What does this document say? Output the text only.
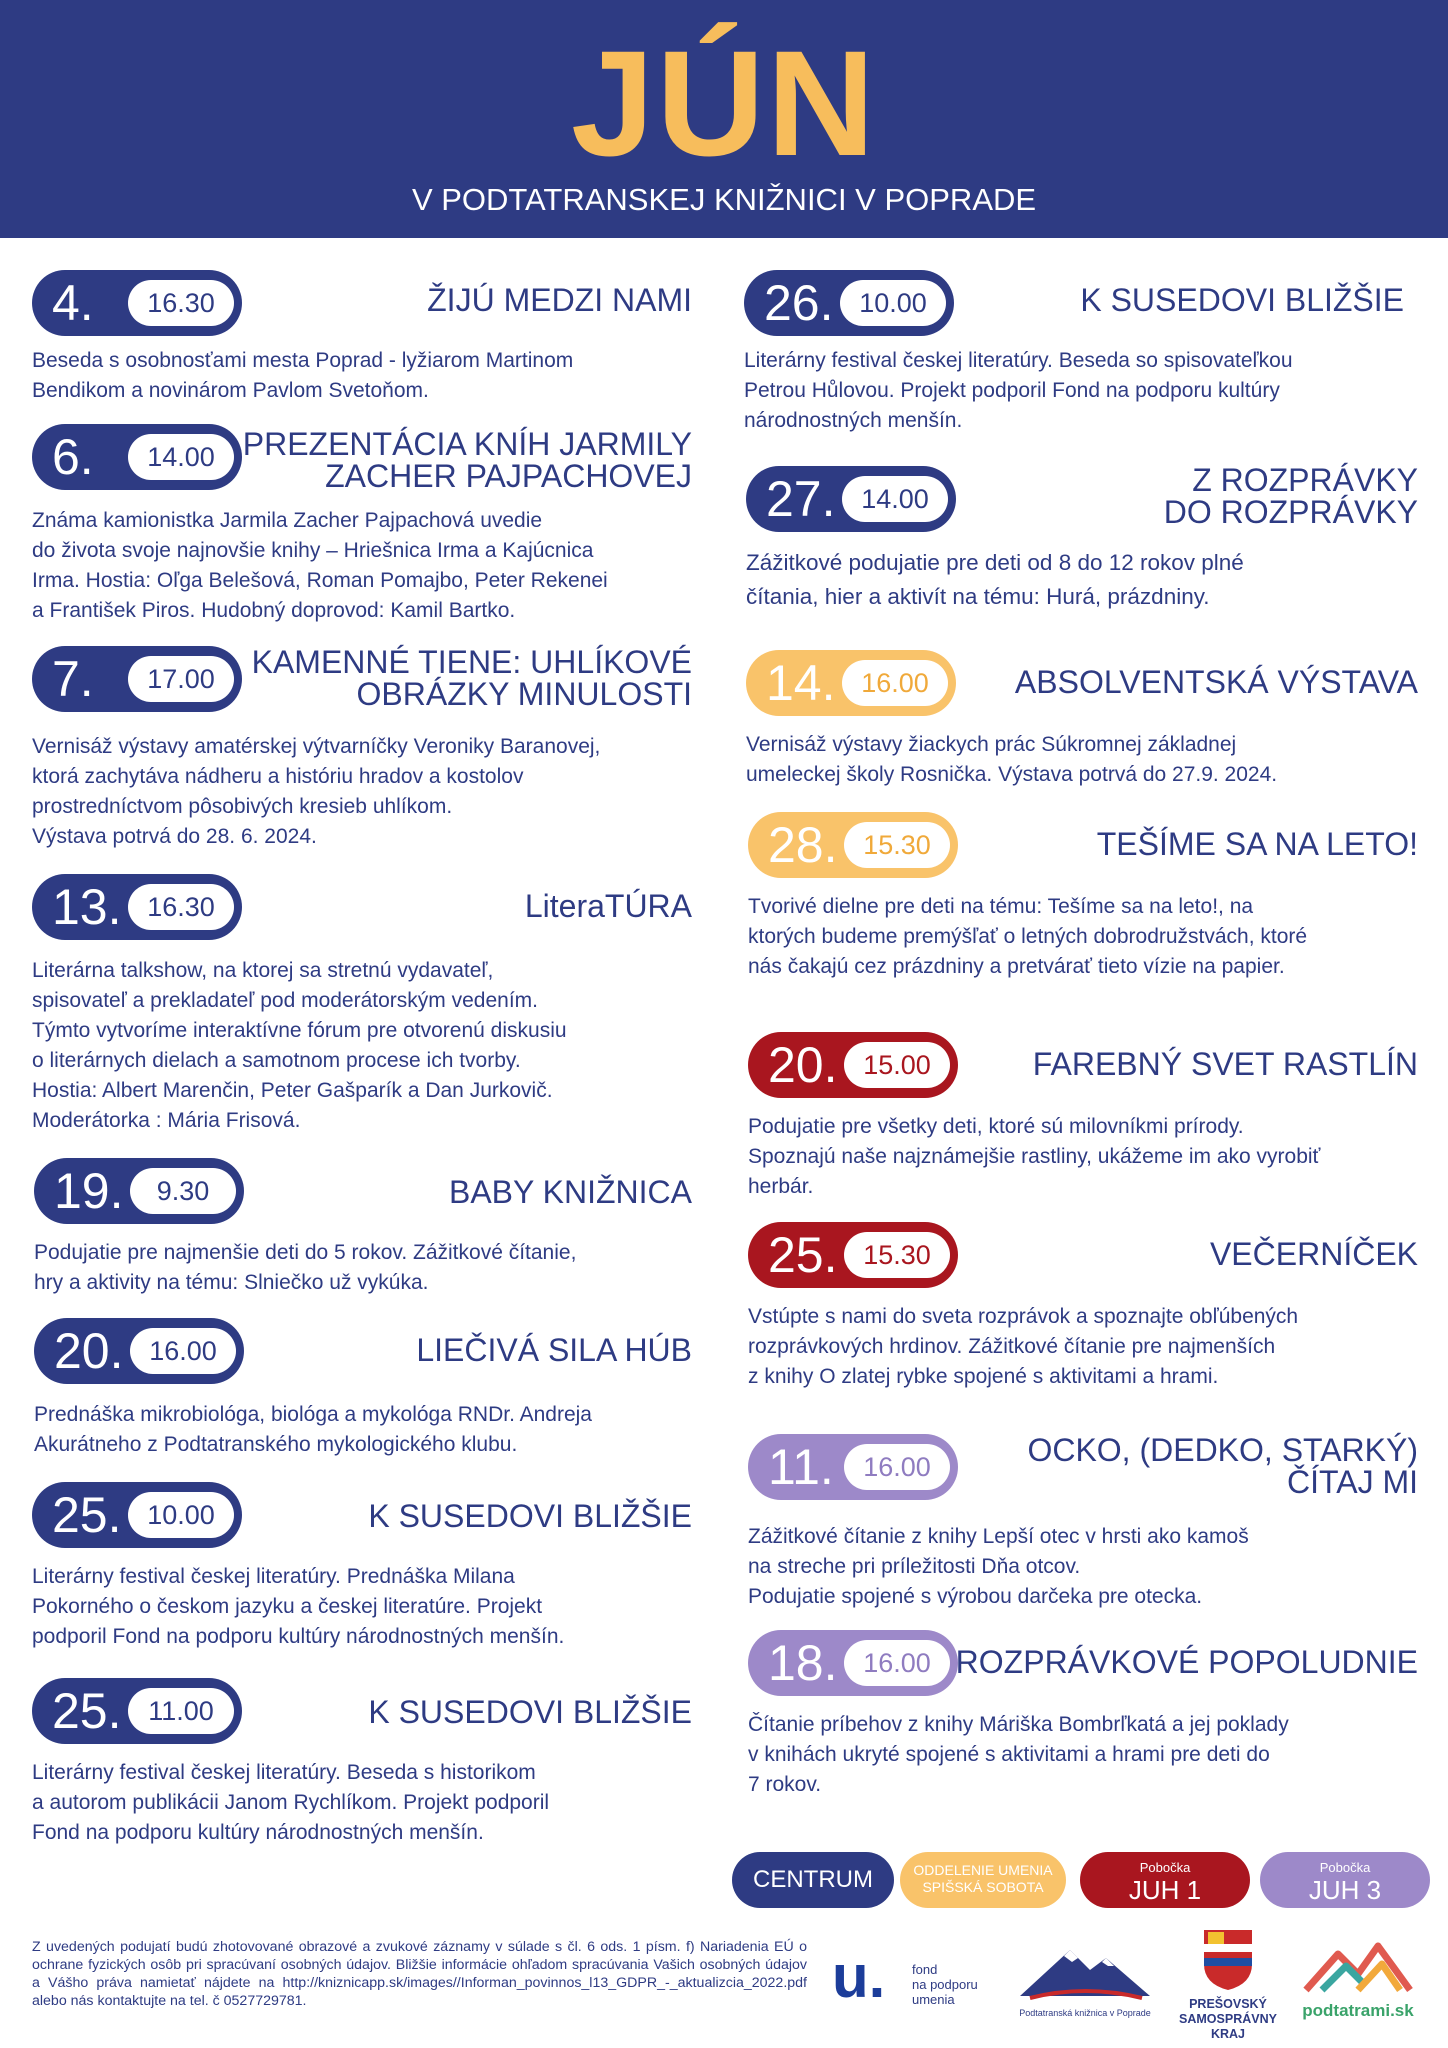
JÚN
V PODTATRANSKEJ KNIŽNICI V POPRADE
4.	16.30	ŽIJÚ MEDZI NAMI
Beseda s osobnosťami mesta Poprad - lyžiarom Martinom
Bendikom a novinárom Pavlom Svetoňom.
6.	14.00 PREZENTÁCIA KNÍH JARMILY
ZACHER PAJPACHOVEJ
Známa kamionistka Jarmila Zacher Pajpachová uvedie
do života svoje najnovšie knihy – Hriešnica Irma a Kajúcnica
Irma. Hostia: Oľga Belešová, Roman Pomajbo, Peter Rekenei
a František Piros. Hudobný doprovod: Kamil Bartko.
7.	17.00	KAMENNÉ TIENE: UHLÍKOVÉ
OBRÁZKY MINULOSTI
Vernisáž výstavy amatérskej výtvarníčky Veroniky Baranovej,
ktorá zachytáva nádheru a históriu hradov a kostolov
prostredníctvom pôsobivých kresieb uhlíkom.
Výstava potrvá do 28. 6. 2024.
13. 16.30	LiteraTÚRA
Literárna talkshow, na ktorej sa stretnú vydavateľ,
spisovateľ a prekladateľ pod moderátorským vedením.
Týmto vytvoríme interaktívne fórum pre otvorenú diskusiu
o literárnych dielach a samotnom procese ich tvorby.
Hostia: Albert Marenčin, Peter Gašparík a Dan Jurkovič.
Moderátorka : Mária Frisová.
19.	9.30	BABY KNIŽNICA
Podujatie pre najmenšie deti do 5 rokov. Zážitkové čítanie,
hry a aktivity na tému: Slniečko už vykúka.
20. 16.00	LIEČIVÁ SILA HÚB
Prednáška mikrobiológa, biológa a mykológa RNDr. Andreja
Akurátneho z Podtatranského mykologického klubu.
25. 10.00	K SUSEDOVI BLIŽŠIE
Literárny festival českej literatúry. Prednáška Milana
Pokorného o českom jazyku a českej literatúre. Projekt
podporil Fond na podporu kultúry národnostných menšín.
25. 11.00	K SUSEDOVI BLIŽŠIE
Literárny festival českej literatúry. Beseda s historikom
a autorom publikácii Janom Rychlíkom. Projekt podporil
Fond na podporu kultúry národnostných menšín.
26. 10.00	K SUSEDOVI BLIŽŠIE
Literárny festival českej literatúry. Beseda so spisovateľkou
Petrou Hůlovou. Projekt podporil Fond na podporu kultúry
národnostných menšín.
27. 14.00
Z ROZPRÁVKY
DO ROZPRÁVKY
Zážitkové podujatie pre deti od 8 do 12 rokov plné
čítania, hier a aktivít na tému: Hurá, prázdniny.
14. 16.00	ABSOLVENTSKÁ VÝSTAVA
Vernisáž výstavy žiackych prác Súkromnej základnej
umeleckej školy Rosnička. Výstava potrvá do 27.9. 2024.
28. 15.30	TEŠÍME SA NA LETO!
Tvorivé dielne pre deti na tému: Tešíme sa na leto!, na
ktorých budeme premýšľať o letných dobrodružstvách, ktoré
nás čakajú cez prázdniny a pretvárať tieto vízie na papier.
20. 15.00	FAREBNÝ SVET RASTLÍN
Podujatie pre všetky deti, ktoré sú milovníkmi prírody.
Spoznajú naše najznámejšie rastliny, ukážeme im ako vyrobiť
herbár.
25. 15.30	VEČERNÍČEK
Vstúpte s nami do sveta rozprávok a spoznajte obľúbených
rozprávkových hrdinov. Zážitkové čítanie pre najmenších
z knihy O zlatej rybke spojené s aktivitami a hrami.
11.	16.00	OCKO, (DEDKO, STARKÝ)
ČÍTAJ MI
Zážitkové čítanie z knihy Lepší otec v hrsti ako kamoš
na streche pri príležitosti Dňa otcov.
Podujatie spojené s výrobou darčeka pre otecka.
18. 16.00 ROZPRÁVKOVÉ POPOLUDNIE
Čítanie príbehov z knihy Máriška Bombrľkatá a jej poklady
v knihách ukryté spojené s aktivitami a hrami pre deti do
7 rokov.
CENTRUM	ODDELENIE UMENIA
SPIŠSKÁ SOBOTA
Pobočka
JUH 1
Pobočka
JUH 3
Z uvedených podujatí budú zhotovované obrazové a zvukové záznamy v súlade s čl. 6 ods. 1 písm. f) Nariadenia EÚ o ochrane fyzických osôb pri spracúvaní osobných údajov. Bližšie informácie ohľadom spracúvania Vašich osobných údajov a Vášho práva namietať nájdete na http://kniznicapp.sk/images//Informan_povinnos_l13_GDPR_-_aktualizcia_2022.pdf alebo nás kontaktujte na tel. č 0527729781.	u. fond
na podporu
umenia
Podtatranská knižnica v Poprade
PREŠOVSKÝ
SAMOSPRÁVNY
KRAJ
podtatrami.sk
